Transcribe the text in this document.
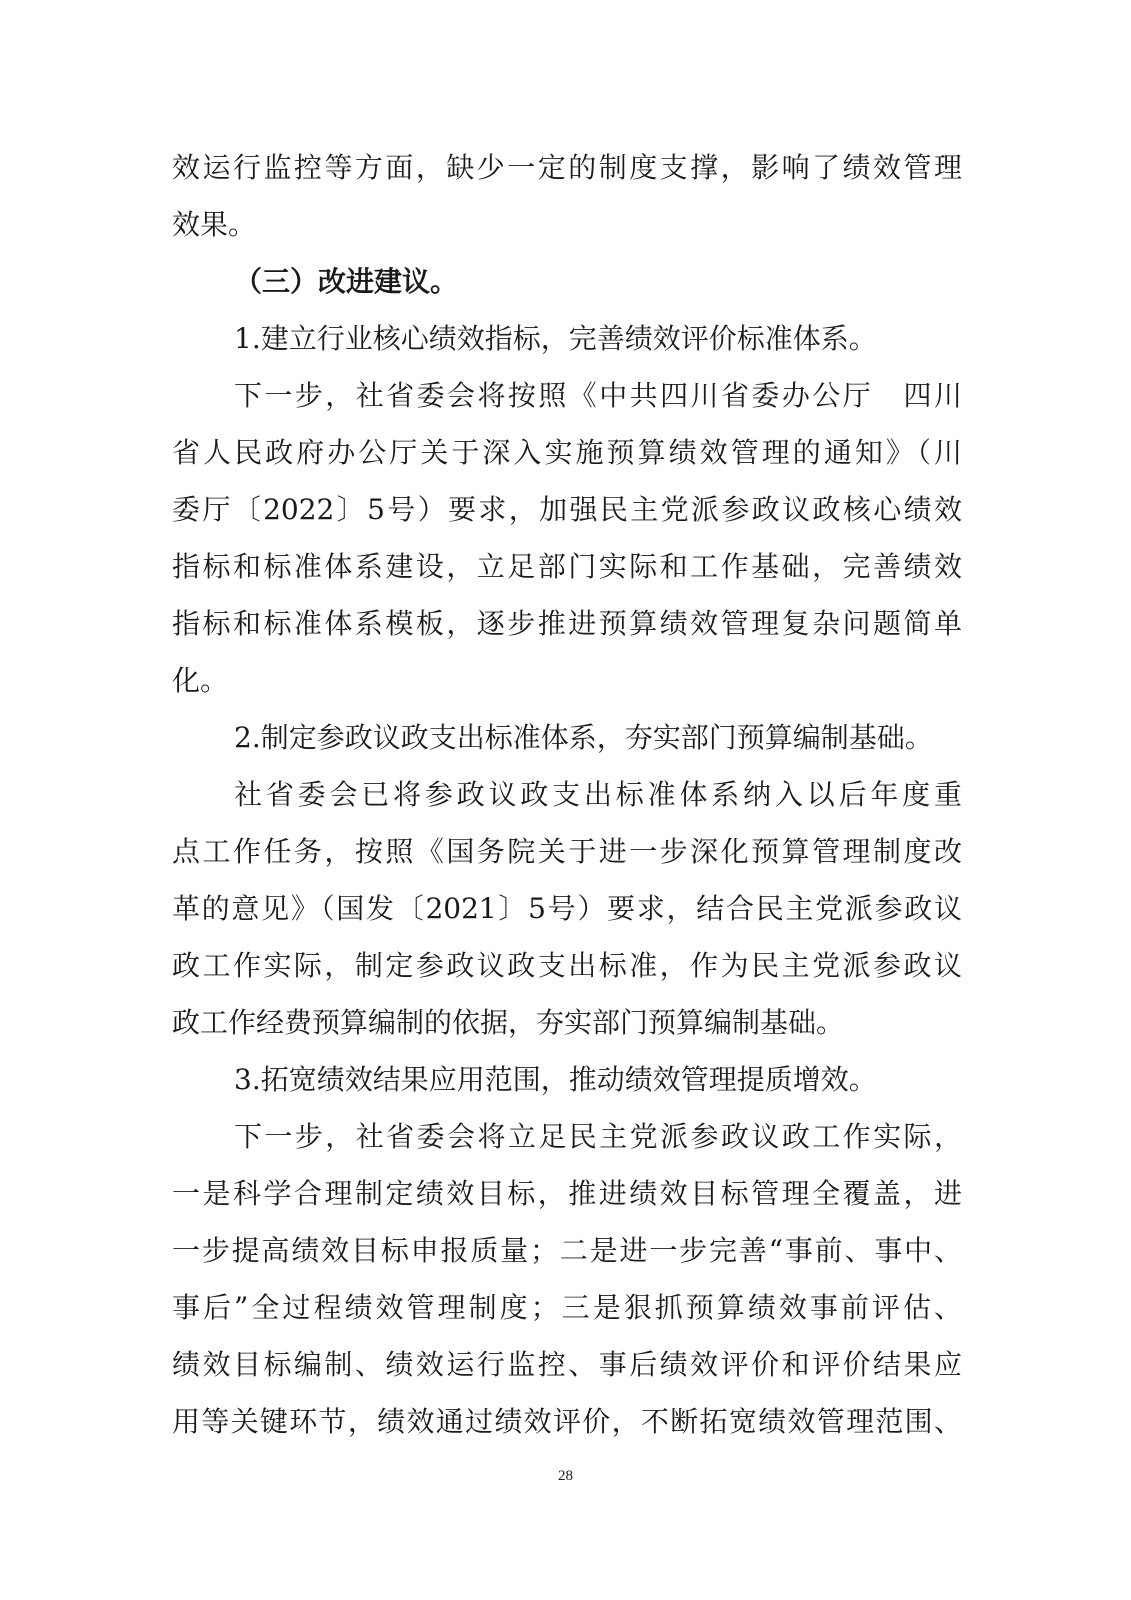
效运行监控等方面，缺少一定的制度支撑，影响了绩效管理
效果。
（三）改进建议。
1.建立行业核心绩效指标，完善绩效评价标准体系。
下一步，社省委会将按照《中共四川省委办公厅　四川
省人民政府办公厅关于深入实施预算绩效管理的通知》（川
委厅〔2022〕5号）要求，加强民主党派参政议政核心绩效
指标和标准体系建设，立足部门实际和工作基础，完善绩效
指标和标准体系模板，逐步推进预算绩效管理复杂问题简单
化。
2.制定参政议政支出标准体系，夯实部门预算编制基础。
社省委会已将参政议政支出标准体系纳入以后年度重
点工作任务，按照《国务院关于进一步深化预算管理制度改
革的意见》（国发〔2021〕5号）要求，结合民主党派参政议
政工作实际，制定参政议政支出标准，作为民主党派参政议
政工作经费预算编制的依据，夯实部门预算编制基础。
3.拓宽绩效结果应用范围，推动绩效管理提质增效。
下一步，社省委会将立足民主党派参政议政工作实际，
一是科学合理制定绩效目标，推进绩效目标管理全覆盖，进
一步提高绩效目标申报质量；二是进一步完善“事前、事中、
事后”全过程绩效管理制度；三是狠抓预算绩效事前评估、
绩效目标编制、绩效运行监控、事后绩效评价和评价结果应
用等关键环节，绩效通过绩效评价，不断拓宽绩效管理范围、
28
